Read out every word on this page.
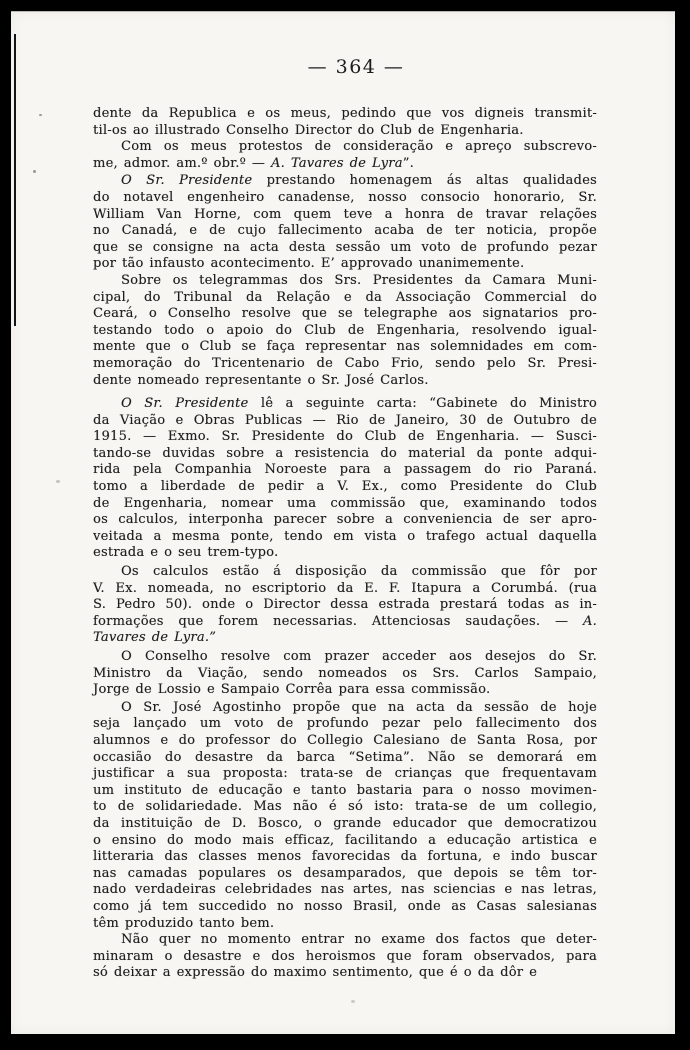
— 364 —
dente da Republica e os meus, pedindo que vos digneis transmit-
til-os ao illustrado Conselho Director do Club de Engenharia.
Com os meus protestos de consideração e apreço subscrevo-
me, admor. am.º obr.º — A. Tavares de Lyra”.
O Sr. Presidente prestando homenagem ás altas qualidades
do notavel engenheiro canadense, nosso consocio honorario, Sr.
William Van Horne, com quem teve a honra de travar relações
no Canadá, e de cujo fallecimento acaba de ter noticia, propõe
que se consigne na acta desta sessão um voto de profundo pezar
por tão infausto acontecimento. E’ approvado unanimemente.
Sobre os telegrammas dos Srs. Presidentes da Camara Muni-
cipal, do Tribunal da Relação e da Associação Commercial do
Ceará, o Conselho resolve que se telegraphe aos signatarios pro-
testando todo o apoio do Club de Engenharia, resolvendo igual-
mente que o Club se faça representar nas solemnidades em com-
memoração do Tricentenario de Cabo Frio, sendo pelo Sr. Presi-
dente nomeado representante o Sr. José Carlos.
O Sr. Presidente lê a seguinte carta: “Gabinete do Ministro
da Viação e Obras Publicas — Rio de Janeiro, 30 de Outubro de
1915. — Exmo. Sr. Presidente do Club de Engenharia. — Susci-
tando-se duvidas sobre a resistencia do material da ponte adqui-
rida pela Companhia Noroeste para a passagem do rio Paraná.
tomo a liberdade de pedir a V. Ex., como Presidente do Club
de Engenharia, nomear uma commissão que, examinando todos
os calculos, interponha parecer sobre a conveniencia de ser apro-
veitada a mesma ponte, tendo em vista o trafego actual daquella
estrada e o seu trem-typo.
Os calculos estão á disposição da commissão que fôr por
V. Ex. nomeada, no escriptorio da E. F. Itapura a Corumbá. (rua
S. Pedro 50). onde o Director dessa estrada prestará todas as in-
formações que forem necessarias. Attenciosas saudações. — A.
Tavares de Lyra.”
O Conselho resolve com prazer acceder aos desejos do Sr.
Ministro da Viação, sendo nomeados os Srs. Carlos Sampaio,
Jorge de Lossio e Sampaio Corrêa para essa commissão.
O Sr. José Agostinho propõe que na acta da sessão de hoje
seja lançado um voto de profundo pezar pelo fallecimento dos
alumnos e do professor do Collegio Calesiano de Santa Rosa, por
occasião do desastre da barca “Setima”. Não se demorará em
justificar a sua proposta: trata-se de crianças que frequentavam
um instituto de educação e tanto bastaria para o nosso movimen-
to de solidariedade. Mas não é só isto: trata-se de um collegio,
da instituição de D. Bosco, o grande educador que democratizou
o ensino do modo mais efficaz, facilitando a educação artistica e
litteraria das classes menos favorecidas da fortuna, e indo buscar
nas camadas populares os desamparados, que depois se têm tor-
nado verdadeiras celebridades nas artes, nas sciencias e nas letras,
como já tem succedido no nosso Brasil, onde as Casas salesianas
têm produzido tanto bem.
Não quer no momento entrar no exame dos factos que deter-
minaram o desastre e dos heroismos que foram observados, para
só deixar a expressão do maximo sentimento, que é o da dôr e
